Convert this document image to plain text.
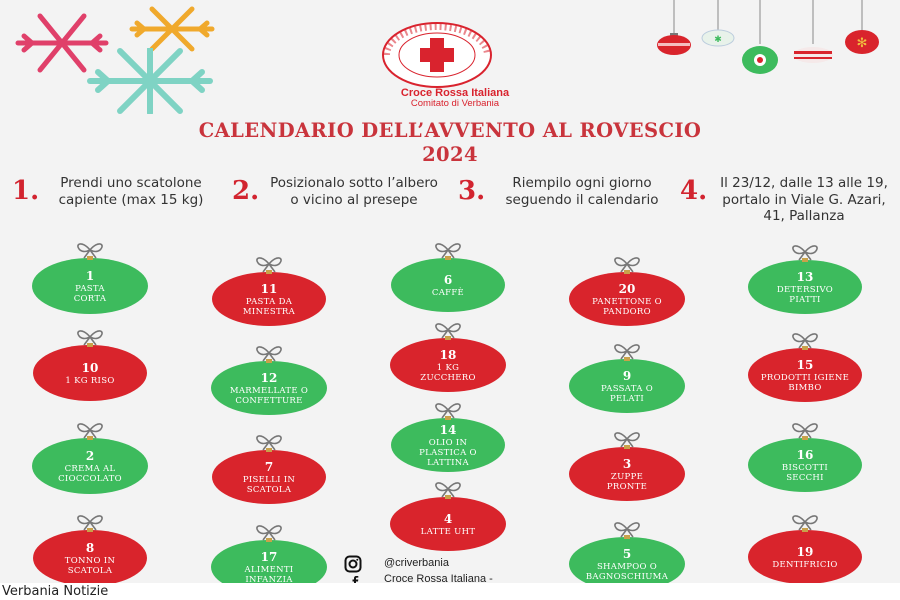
✱	✻
Croce Rossa Italiana
Comitato di Verbania
CALENDARIO DELL’AVVENTO AL ROVESCIO
2024
1. Prendi uno scatolone capiente (max 15 kg) 2. Posizionalo sotto l’albero o vicino al presepe	3.	Riempilo ogni giorno seguendo il calendario 4. Il 23/12, dalle 13 alle 19, portalo in Viale G. Azari, 41, Pallanza
1
PASTA CORTA
10
1 KG RISO
2
CREMA AL CIOCCOLATO
8
TONNO IN SCATOLA
11
PASTA DA MINESTRA
12
MARMELLATE O CONFETTURE
7
PISELLI IN SCATOLA
17
ALIMENTI INFANZIA
6
CAFFÈ
18
1 KG ZUCCHERO
14
OLIO IN PLASTICA O LATTINA
4
LATTE UHT
20
PANETTONE O PANDORO
9
PASSATA O PELATI
3
ZUPPE PRONTE
5
SHAMPOO O BAGNOSCHIUMA
13
DETERSIVO PIATTI
15
PRODOTTI IGIENE BIMBO
16
BISCOTTI SECCHI
19
DENTIFRICIO
@criverbania
Croce Rossa Italiana -
Verbania Notizie
